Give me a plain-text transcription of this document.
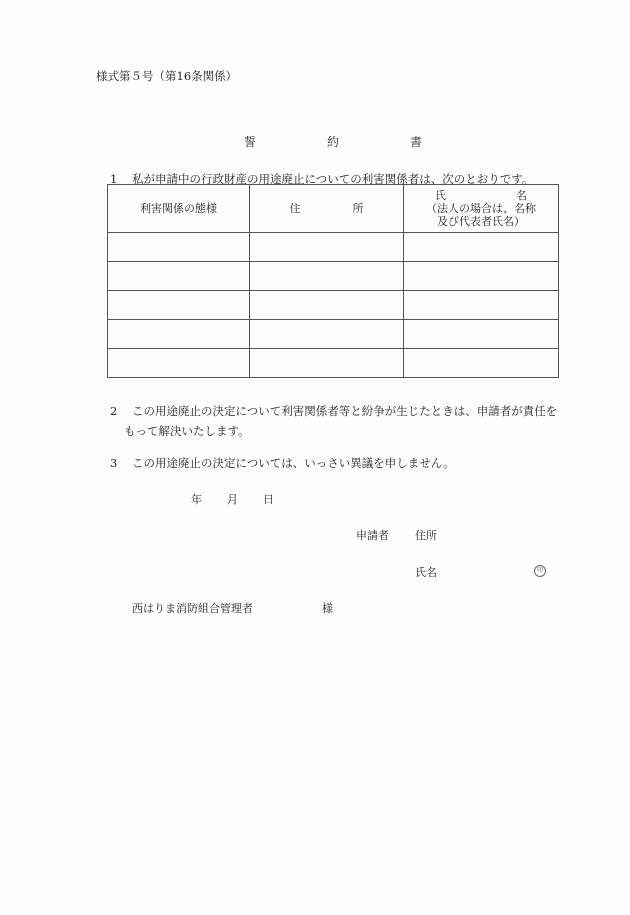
様式第５号（第16条関係）
誓	約	書
1 私が申請中の行政財産の用途廃止についての利害関係者は、次のとおりです。
利害関係の態様	住 所	氏 名
（法人の場合は、名称
及び代表者氏名）

2 この用途廃止の決定について利害関係者等と紛争が生じたときは、申請者が責任を
もって解決いたします。
3 この用途廃止の決定については、いっさい異議を申しません。
年 月 日
申請者 住所
氏名	印
西はりま消防組合管理者	様
